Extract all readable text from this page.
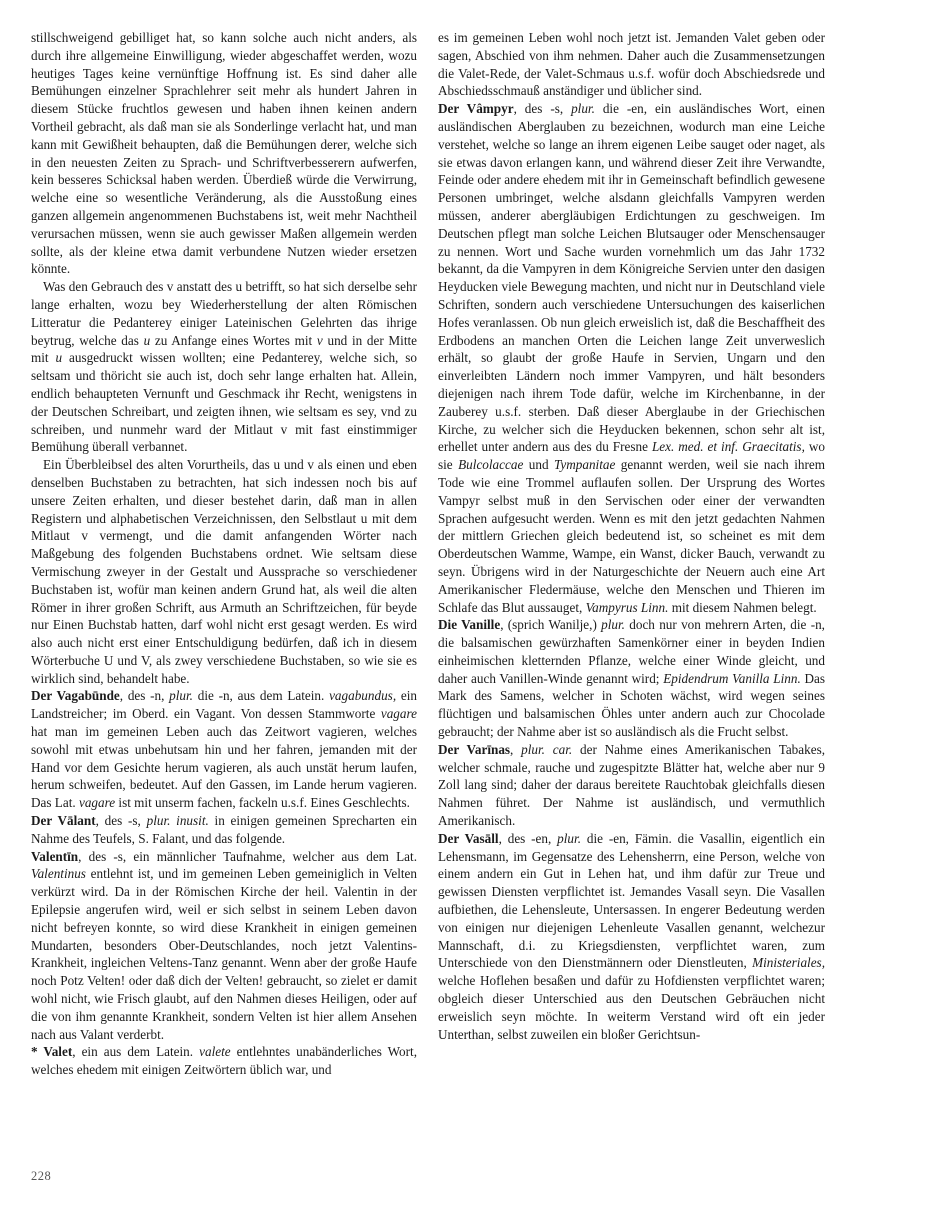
stillschweigend gebilliget hat, so kann solche auch nicht anders, als durch ihre allgemeine Einwilligung, wieder abgeschaffet werden, wozu heutiges Tages keine vernünftige Hoffnung ist. Es sind daher alle Bemühungen einzelner Sprachlehrer seit mehr als hundert Jahren in diesem Stücke fruchtlos gewesen und haben ihnen keinen andern Vortheil gebracht, als daß man sie als Sonderlinge verlacht hat, und man kann mit Gewißheit behaupten, daß die Bemühungen derer, welche sich in den neuesten Zeiten zu Sprach- und Schriftverbesserern aufwerfen, kein besseres Schicksal haben werden. Überdieß würde die Verwirrung, welche eine so wesentliche Veränderung, als die Ausstoßung eines ganzen allgemein angenommenen Buchstabens ist, weit mehr Nachtheil verursachen müssen, wenn sie auch gewisser Maßen allgemein werden sollte, als der kleine etwa damit verbundene Nutzen wieder ersetzen könnte.

Was den Gebrauch des v anstatt des u betrifft, so hat sich derselbe sehr lange erhalten, wozu bey Wiederherstellung der alten Römischen Litteratur die Pedanterey einiger Lateinischen Gelehrten das ihrige beytrug, welche das u zu Anfange eines Wortes mit v und in der Mitte mit u ausgedruckt wissen wollten; eine Pedanterey, welche sich, so seltsam und thöricht sie auch ist, doch sehr lange erhalten hat. Allein, endlich behaupteten Vernunft und Geschmack ihr Recht, wenigstens in der Deutschen Schreibart, und zeigten ihnen, wie seltsam es sey, vnd zu schreiben, und nunmehr ward der Mitlaut v mit fast einstimmiger Bemühung überall verbannet.

Ein Überbleibsel des alten Vorurtheils, das u und v als einen und eben denselben Buchstaben zu betrachten, hat sich indessen noch bis auf unsere Zeiten erhalten, und dieser bestehet darin, daß man in allen Registern und alphabetischen Verzeichnissen, den Selbstlaut u mit dem Mitlaut v vermengt, und die damit anfangenden Wörter nach Maßgebung des folgenden Buchstabens ordnet. Wie seltsam diese Vermischung zweyer in der Gestalt und Aussprache so verschiedener Buchstaben ist, wofür man keinen andern Grund hat, als weil die alten Römer in ihrer großen Schrift, aus Armuth an Schriftzeichen, für beyde nur Einen Buchstab hatten, darf wohl nicht erst gesagt werden. Es wird also auch nicht erst einer Entschuldigung bedürfen, daß ich in diesem Wörterbuche U und V, als zwey verschiedene Buchstaben, so wie sie es wirklich sind, behandelt habe.

Der Vagabūnde, des -n, plur. die -n, aus dem Latein. vagabundus, ein Landstreicher; im Oberd. ein Vagant. Von dessen Stammworte vagare hat man im gemeinen Leben auch das Zeitwort vagieren, welches sowohl mit etwas unbehutsam hin und her fahren, jemanden mit der Hand vor dem Gesichte herum vagieren, als auch unstät herum laufen, herum schweifen, bedeutet. Auf den Gassen, im Lande herum vagieren. Das Lat. vagare ist mit unserm fachen, fackeln u.s.f. Eines Geschlechts.

Der Vālant, des -s, plur. inusit. in einigen gemeinen Sprecharten ein Nahme des Teufels, S. Falant, und das folgende.

Valentīn, des -s, ein männlicher Taufnahme, welcher aus dem Lat. Valentinus entlehnt ist, und im gemeinen Leben gemeiniglich in Velten verkürzt wird. Da in der Römischen Kirche der heil. Valentin in der Epilepsie angerufen wird, weil er sich selbst in seinem Leben davon nicht befreyen konnte, so wird diese Krankheit in einigen gemeinen Mundarten, besonders Ober-Deutschlandes, noch jetzt Valentins-Krankheit, ingleichen Veltens-Tanz genannt. Wenn aber der große Haufe noch Potz Velten! oder daß dich der Velten! gebraucht, so zielet er damit wohl nicht, wie Frisch glaubt, auf den Nahmen dieses Heiligen, oder auf die von ihm genannte Krankheit, sondern Velten ist hier allem Ansehen nach aus Valant verderbt.

* Valet, ein aus dem Latein. valete entlehntes unabänderliches Wort, welches ehedem mit einigen Zeitwörtern üblich war, und

es im gemeinen Leben wohl noch jetzt ist. Jemanden Valet geben oder sagen, Abschied von ihm nehmen. Daher auch die Zusammensetzungen die Valet-Rede, der Valet-Schmaus u.s.f. wofür doch Abschiedsrede und Abschiedsschmauß anständiger und üblicher sind.

Der Vâmpyr, des -s, plur. die -en, ein ausländisches Wort, einen ausländischen Aberglauben zu bezeichnen, wodurch man eine Leiche verstehet, welche so lange an ihrem eigenen Leibe sauget oder naget, als sie etwas davon erlangen kann, und während dieser Zeit ihre Verwandte, Feinde oder andere ehedem mit ihr in Gemeinschaft befindlich gewesene Personen umbringet, welche alsdann gleichfalls Vampyren werden müssen, anderer abergläubigen Erdichtungen zu geschweigen. Im Deutschen pflegt man solche Leichen Blutsauger oder Menschensauger zu nennen. Wort und Sache wurden vornehmlich um das Jahr 1732 bekannt, da die Vampyren in dem Königreiche Servien unter den dasigen Heyducken viele Bewegung machten, und nicht nur in Deutschland viele Schriften, sondern auch verschiedene Untersuchungen des kaiserlichen Hofes veranlassen. Ob nun gleich erweislich ist, daß die Beschaffheit des Erdbodens an manchen Orten die Leichen lange Zeit unverweslich erhält, so glaubt der große Haufe in Servien, Ungarn und den einverleibten Ländern noch immer Vampyren, und hält besonders diejenigen nach ihrem Tode dafür, welche im Kirchenbanne, in der Zauberey u.s.f. sterben. Daß dieser Aberglaube in der Griechischen Kirche, zu welcher sich die Heyducken bekennen, schon sehr alt ist, erhellet unter andern aus des du Fresne Lex. med. et inf. Graecitatis, wo sie Bulcolaccae und Tympanitae genannt werden, weil sie nach ihrem Tode wie eine Trommel auflaufen sollen. Der Ursprung des Wortes Vampyr selbst muß in den Servischen oder einer der verwandten Sprachen aufgesucht werden. Wenn es mit den jetzt gedachten Nahmen der mittlern Griechen gleich bedeutend ist, so scheinet es mit dem Oberdeutschen Wamme, Wampe, ein Wanst, dicker Bauch, verwandt zu seyn. Übrigens wird in der Naturgeschichte der Neuern auch eine Art Amerikanischer Fledermäuse, welche den Menschen und Thieren im Schlafe das Blut aussauget, Vampyrus Linn. mit diesem Nahmen belegt.

Die Vanille, (sprich Wanilje,) plur. doch nur von mehrern Arten, die -n, die balsamischen gewürzhaften Samenkörner einer in beyden Indien einheimischen kletternden Pflanze, welche einer Winde gleicht, und daher auch Vanillen-Winde genannt wird; Epidendrum Vanilla Linn. Das Mark des Samens, welcher in Schoten wächst, wird wegen seines flüchtigen und balsamischen Öhles unter andern auch zur Chocolade gebraucht; der Nahme aber ist so ausländisch als die Frucht selbst.

Der Varīnas, plur. car. der Nahme eines Amerikanischen Tabakes, welcher schmale, rauche und zugespitzte Blätter hat, welche aber nur 9 Zoll lang sind; daher der daraus bereitete Rauchtobak gleichfalls diesen Nahmen führet. Der Nahme ist ausländisch, und vermuthlich Amerikanisch.

Der Vasāll, des -en, plur. die -en, Fämin. die Vasallin, eigentlich ein Lehensmann, im Gegensatze des Lehensherrn, eine Person, welche von einem andern ein Gut in Lehen hat, und ihm dafür zur Treue und gewissen Diensten verpflichtet ist. Jemandes Vasall seyn. Die Vasallen aufbiethen, die Lehensleute, Untersassen. In engerer Bedeutung werden von einigen nur diejenigen Lehenleute Vasallen genannt, welchezur Mannschaft, d.i. zu Kriegsdiensten, verpflichtet waren, zum Unterschiede von den Dienstmännern oder Dienstleuten, Ministeriales, welche Hoflehen besaßen und dafür zu Hofdiensten verpflichtet waren; obgleich dieser Unterschied aus den Deutschen Gebräuchen nicht erweislich seyn möchte. In weiterm Verstand wird oft ein jeder Unterthan, selbst zuweilen ein bloßer Gerichtsun-

228
